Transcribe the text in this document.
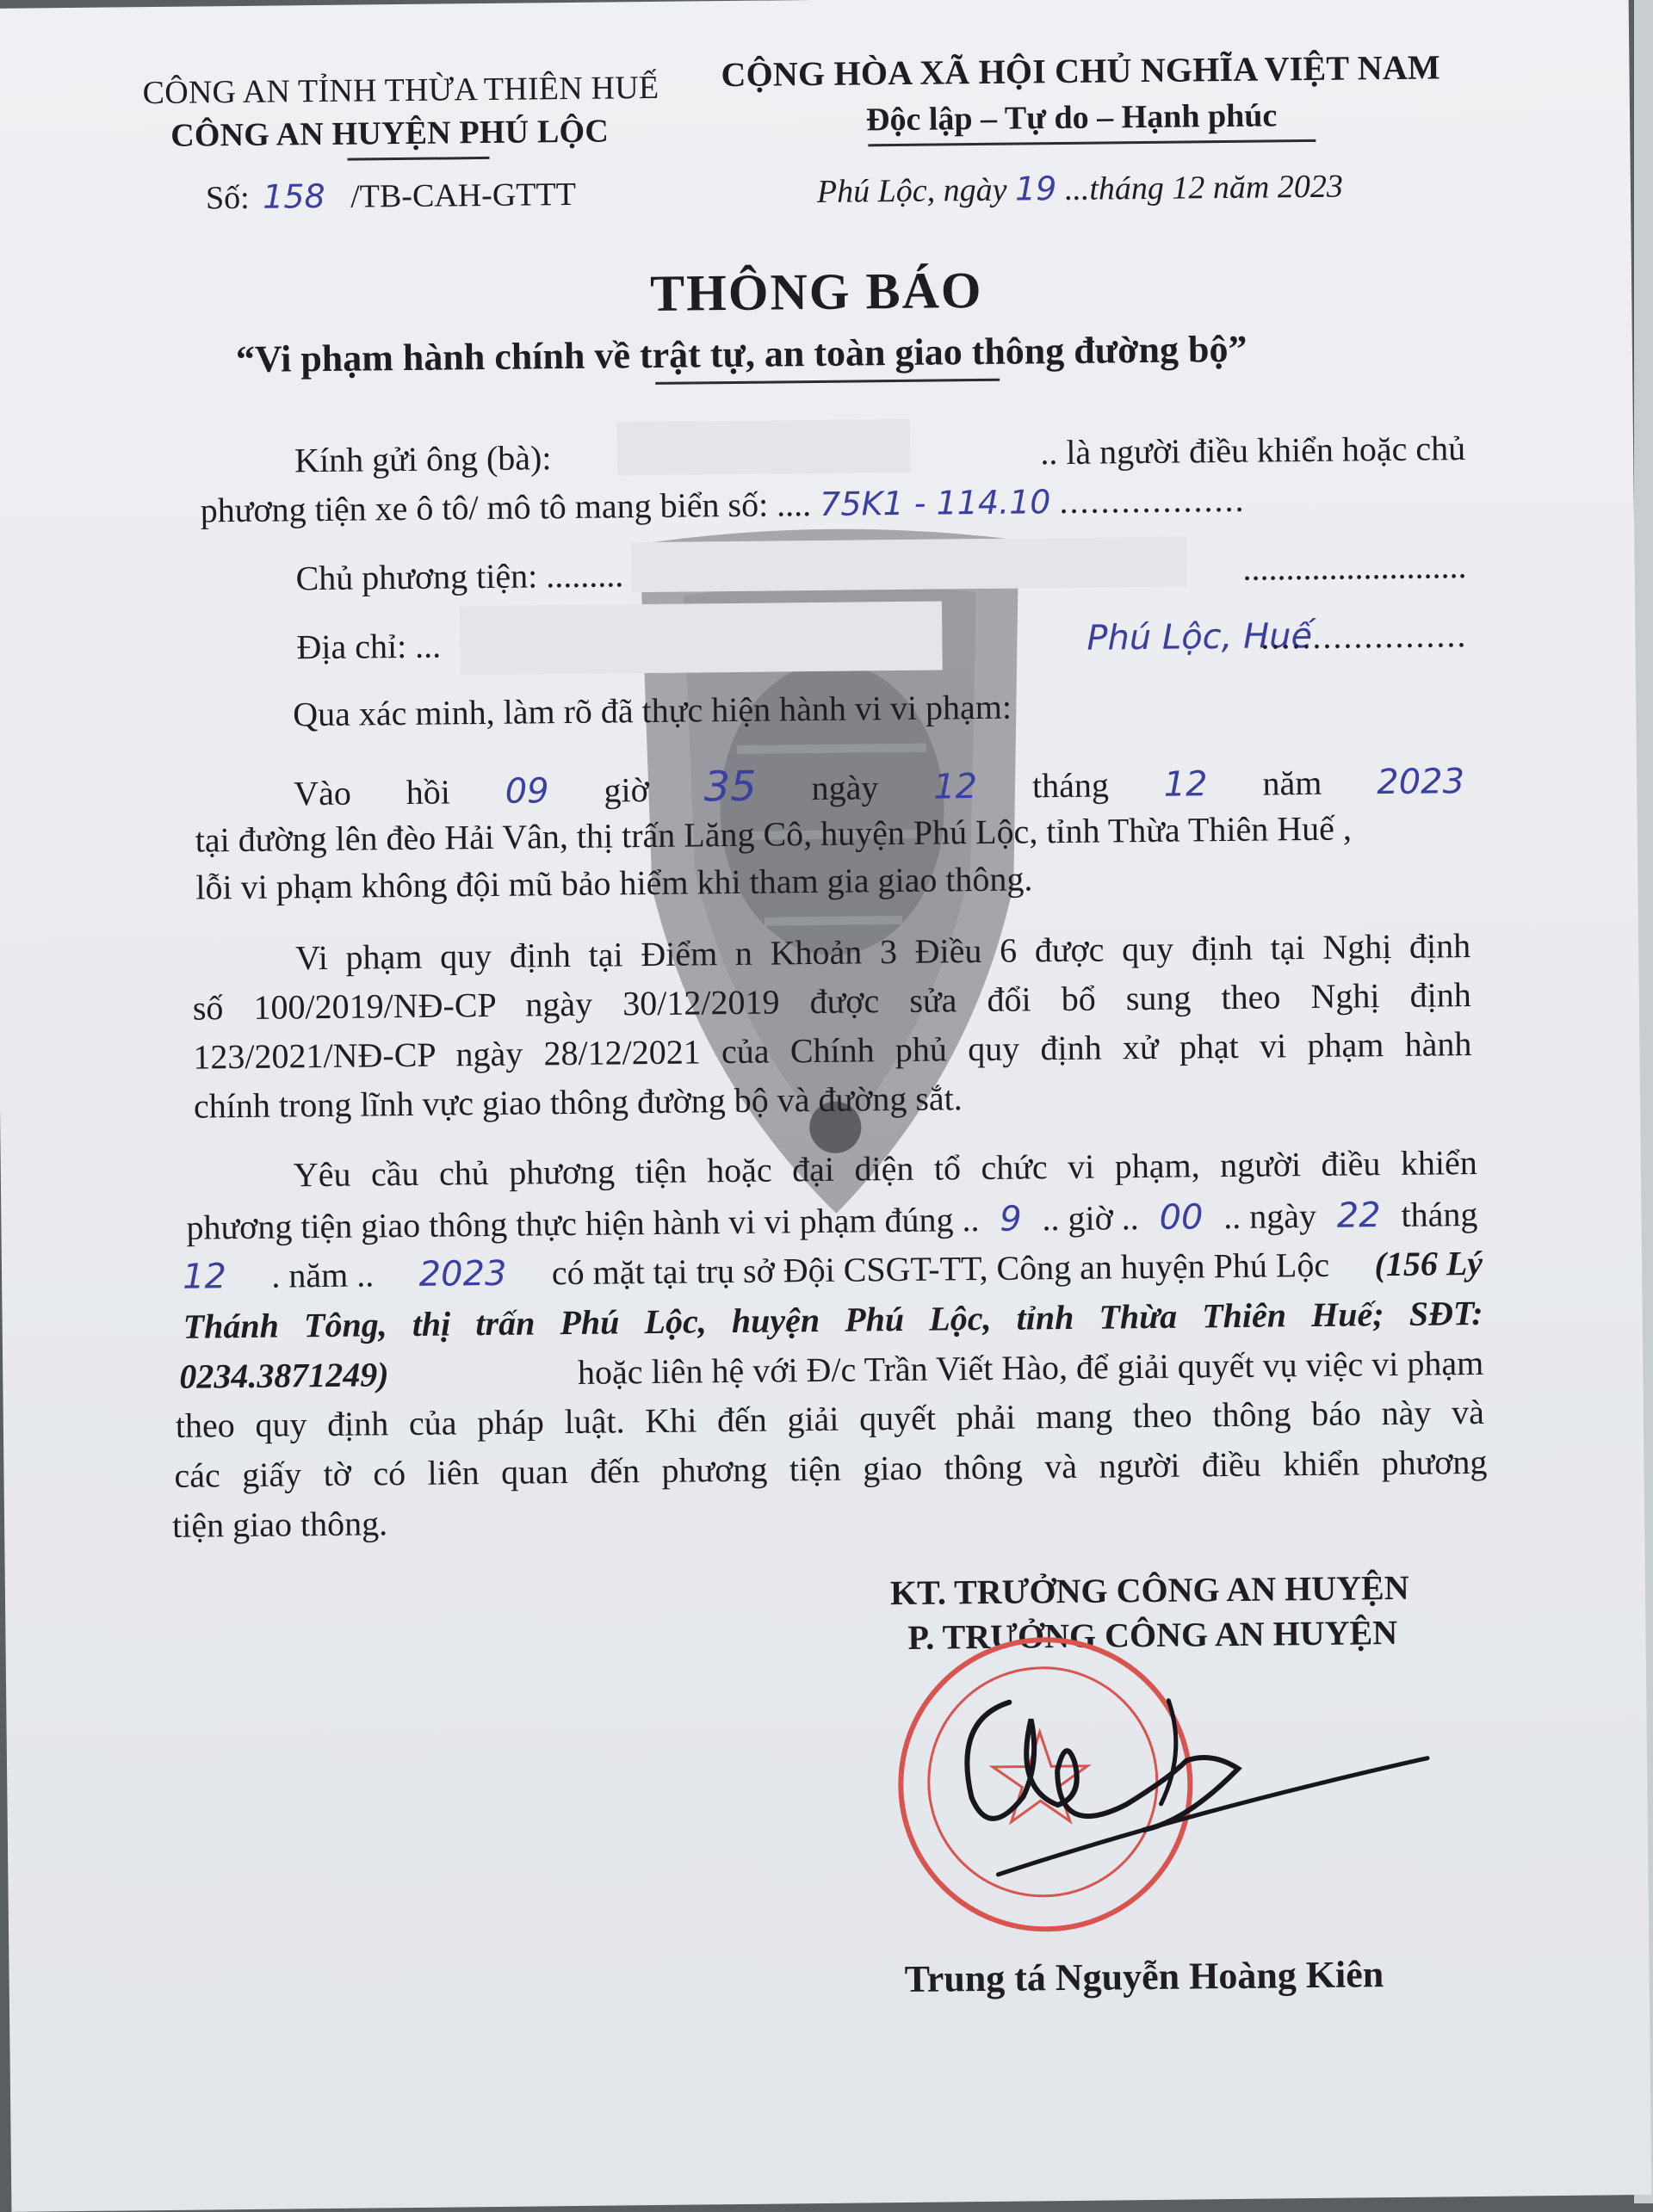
CÔNG AN TỈNH THỪA THIÊN HUẾ
CÔNG AN HUYỆN PHÚ LỘC
Số: 158 /TB-CAH-GTTT
CỘNG HÒA XÃ HỘI CHỦ NGHĨA VIỆT NAM
Độc lập – Tự do – Hạnh phúc
Phú Lộc, ngày 19 ...tháng 12 năm 2023
THÔNG BÁO
“Vi phạm hành chính về trật tự, an toàn giao thông đường bộ”
Kính gửi ông (bà):	.. là người điều khiển hoặc chủ
phương tiện xe ô tô/ mô tô mang biển số: .... 75K1 - 114.10 ..................
Chủ phương tiện: .........	..........................
Địa chỉ: ...	Phú Lộc, Huế
....................
Qua xác minh, làm rõ đã thực hiện hành vi vi phạm:
Vào hồi 09 giờ 35 ngày 12 tháng 12 năm 2023
tại đường lên đèo Hải Vân, thị trấn Lăng Cô, huyện Phú Lộc, tỉnh Thừa Thiên Huế ,
lỗi vi phạm không đội mũ bảo hiểm khi tham gia giao thông.
Vi phạm quy định tại Điểm n Khoản 3 Điều 6 được quy định tại Nghị định
số 100/2019/NĐ-CP ngày 30/12/2019 được sửa đổi bổ sung theo Nghị định
123/2021/NĐ-CP ngày 28/12/2021 của Chính phủ quy định xử phạt vi phạm hành
chính trong lĩnh vực giao thông đường bộ và đường sắt.
Yêu cầu chủ phương tiện hoặc đại diện tổ chức vi phạm, người điều khiển
phương tiện giao thông thực hiện hành vi vi phạm đúng .. 9 .. giờ .. 00 .. ngày 22 tháng
12 . năm .. 2023 có mặt tại trụ sở Đội CSGT-TT, Công an huyện Phú Lộc (156 Lý
Thánh Tông, thị trấn Phú Lộc, huyện Phú Lộc, tỉnh Thừa Thiên Huế; SĐT:
0234.3871249)	hoặc liên hệ với Đ/c Trần Viết Hào, để giải quyết vụ việc vi phạm
theo quy định của pháp luật. Khi đến giải quyết phải mang theo thông báo này và
các giấy tờ có liên quan đến phương tiện giao thông và người điều khiển phương
tiện giao thông.
KT. TRƯỞNG CÔNG AN HUYỆN
P. TRƯỞNG CÔNG AN HUYỆN
Trung tá Nguyễn Hoàng Kiên
